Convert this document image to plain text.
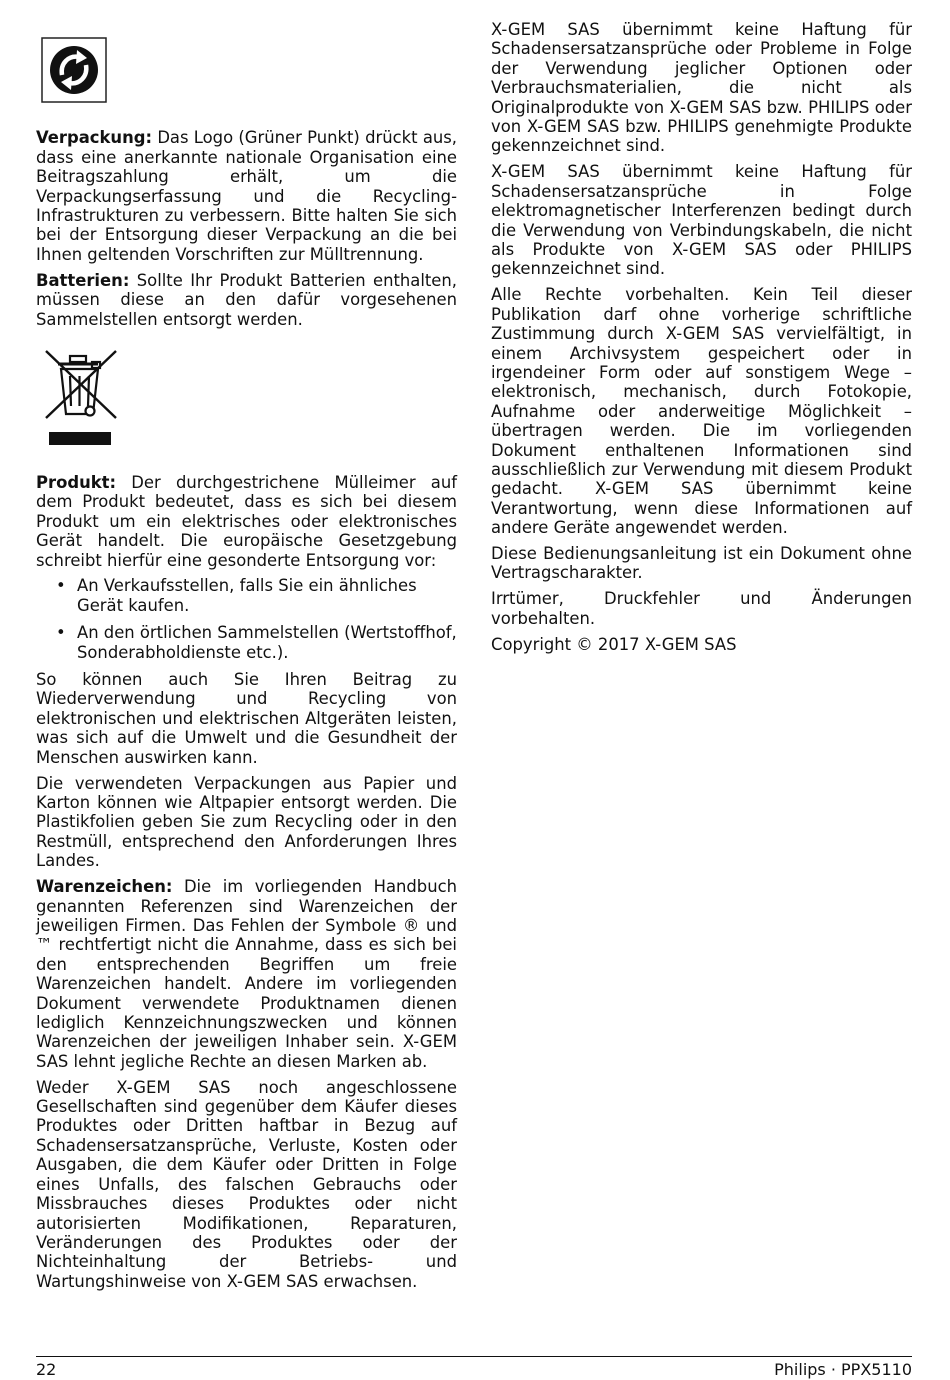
Verpackung: Das Logo (Grüner Punkt) drückt aus, dass eine anerkannte nationale Organisation eine Beitragszahlung erhält, um die Verpackungserfassung und die Recycling-Infrastrukturen zu verbessern. Bitte halten Sie sich bei der Entsorgung dieser Verpackung an die bei Ihnen geltenden Vorschriften zur Mülltrennung.

Batterien: Sollte Ihr Produkt Batterien enthalten, müssen diese an den dafür vorgesehenen Sammelstellen entsorgt werden.

Produkt: Der durchgestrichene Mülleimer auf dem Produkt bedeutet, dass es sich bei diesem Produkt um ein elektrisches oder elektronisches Gerät handelt. Die europäische Gesetzgebung schreibt hierfür eine gesonderte Entsorgung vor:

• An Verkaufsstellen, falls Sie ein ähnliches Gerät kaufen.
• An den örtlichen Sammelstellen (Wertstoffhof, Sonderabholdienste etc.).

So können auch Sie Ihren Beitrag zu Wiederverwendung und Recycling von elektronischen und elektrischen Altgeräten leisten, was sich auf die Umwelt und die Gesundheit der Menschen auswirken kann.

Die verwendeten Verpackungen aus Papier und Karton können wie Altpapier entsorgt werden. Die Plastikfolien geben Sie zum Recycling oder in den Restmüll, entsprechend den Anforderungen Ihres Landes.

Warenzeichen: Die im vorliegenden Handbuch genannten Referenzen sind Warenzeichen der jeweiligen Firmen. Das Fehlen der Symbole ® und ™ rechtfertigt nicht die Annahme, dass es sich bei den entsprechenden Begriffen um freie Warenzeichen handelt. Andere im vorliegenden Dokument verwendete Produktnamen dienen lediglich Kennzeichnungszwecken und können Warenzeichen der jeweiligen Inhaber sein. X-GEM SAS lehnt jegliche Rechte an diesen Marken ab.

Weder X-GEM SAS noch angeschlossene Gesellschaften sind gegenüber dem Käufer dieses Produktes oder Dritten haftbar in Bezug auf Schadensersatzansprüche, Verluste, Kosten oder Ausgaben, die dem Käufer oder Dritten in Folge eines Unfalls, des falschen Gebrauchs oder Missbrauches dieses Produktes oder nicht autorisierten Modifikationen, Reparaturen, Veränderungen des Produktes oder der Nichteinhaltung der Betriebs- und Wartungshinweise von X-GEM SAS erwachsen.

X-GEM SAS übernimmt keine Haftung für Schadensersatzansprüche oder Probleme in Folge der Verwendung jeglicher Optionen oder Verbrauchsmaterialien, die nicht als Originalprodukte von X-GEM SAS bzw. PHILIPS oder von X-GEM SAS bzw. PHILIPS genehmigte Produkte gekennzeichnet sind.

X-GEM SAS übernimmt keine Haftung für Schadensersatzansprüche in Folge elektromagnetischer Interferenzen bedingt durch die Verwendung von Verbindungskabeln, die nicht als Produkte von X-GEM SAS oder PHILIPS gekennzeichnet sind.

Alle Rechte vorbehalten. Kein Teil dieser Publikation darf ohne vorherige schriftliche Zustimmung durch X-GEM SAS vervielfältigt, in einem Archivsystem gespeichert oder in irgendeiner Form oder auf sonstigem Wege – elektronisch, mechanisch, durch Fotokopie, Aufnahme oder anderweitige Möglichkeit – übertragen werden. Die im vorliegenden Dokument enthaltenen Informationen sind ausschließlich zur Verwendung mit diesem Produkt gedacht. X-GEM SAS übernimmt keine Verantwortung, wenn diese Informationen auf andere Geräte angewendet werden.

Diese Bedienungsanleitung ist ein Dokument ohne Vertragscharakter.

Irrtümer, Druckfehler und Änderungen vorbehalten.

Copyright © 2017 X-GEM SAS

22	Philips · PPX5110
